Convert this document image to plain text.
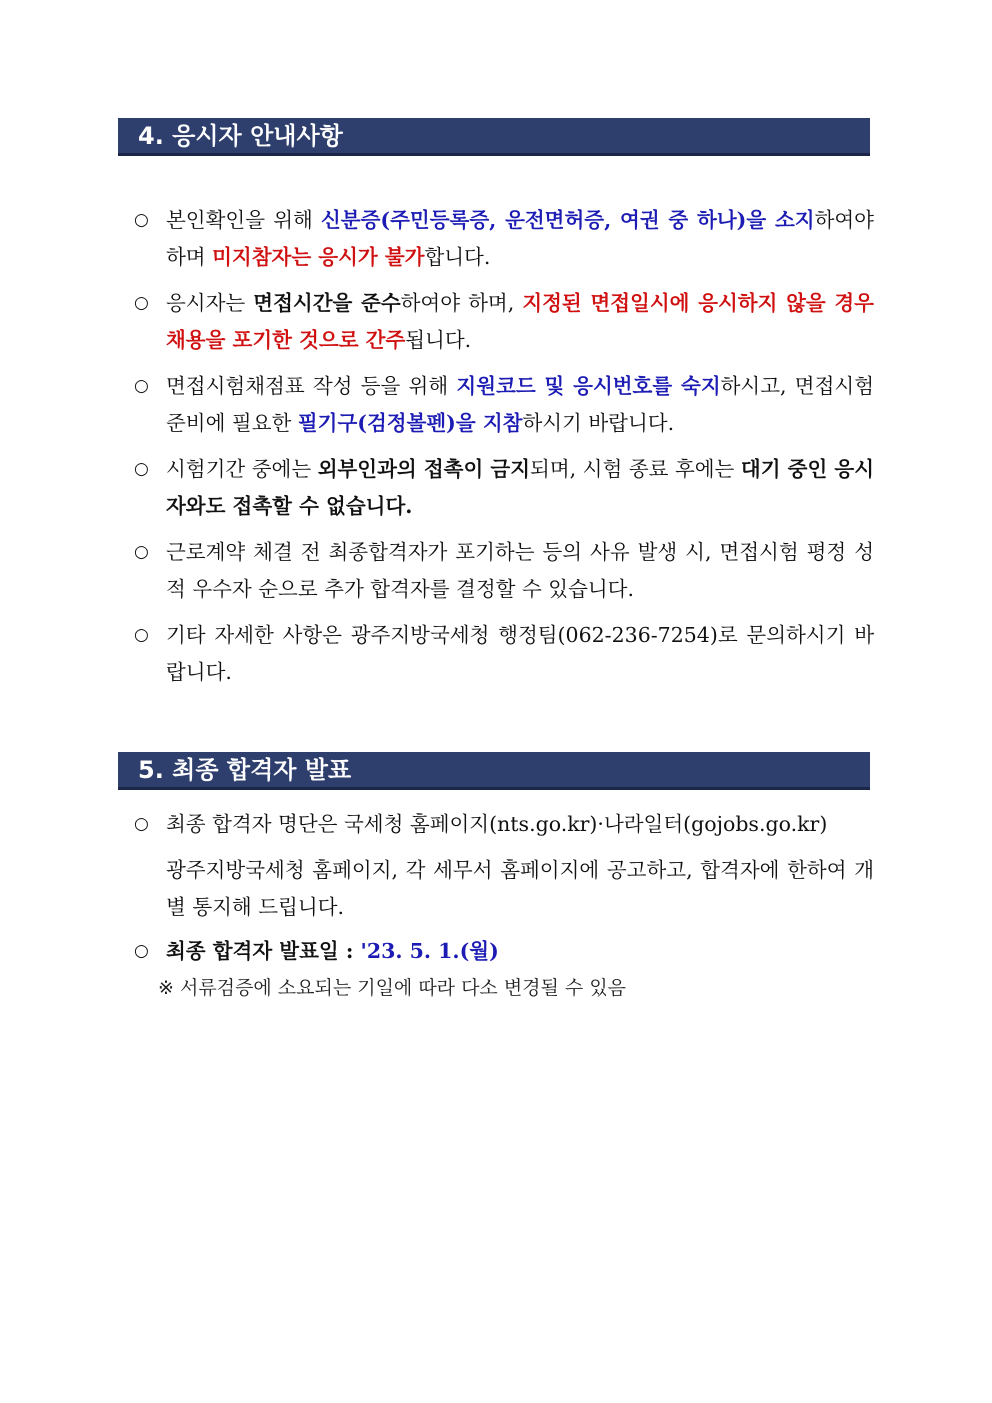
4. 응시자 안내사항
○ 본인확인을 위해 신분증(주민등록증, 운전면허증, 여권 중 하나)을 소지하여야 하며 미지참자는 응시가 불가합니다.
○ 응시자는 면접시간을 준수하여야 하며, 지정된 면접일시에 응시하지 않을 경우 채용을 포기한 것으로 간주됩니다.
○ 면접시험채점표 작성 등을 위해 지원코드 및 응시번호를 숙지하시고, 면접시험 준비에 필요한 필기구(검정볼펜)을 지참하시기 바랍니다.
○ 시험기간 중에는 외부인과의 접촉이 금지되며, 시험 종료 후에는 대기 중인 응시자와도 접촉할 수 없습니다.
○ 근로계약 체결 전 최종합격자가 포기하는 등의 사유 발생 시, 면접시험 평정 성적 우수자 순으로 추가 합격자를 결정할 수 있습니다.
○ 기타 자세한 사항은 광주지방국세청 행정팀(062-236-7254)로 문의하시기 바랍니다.
5. 최종 합격자 발표
○ 최종 합격자 명단은 국세청 홈페이지(nts.go.kr)·나라일터(gojobs.go.kr)
광주지방국세청 홈페이지, 각 세무서 홈페이지에 공고하고, 합격자에 한하여 개별 통지해 드립니다.
○ 최종 합격자 발표일 : '23. 5. 1.(월)
※ 서류검증에 소요되는 기일에 따라 다소 변경될 수 있음
